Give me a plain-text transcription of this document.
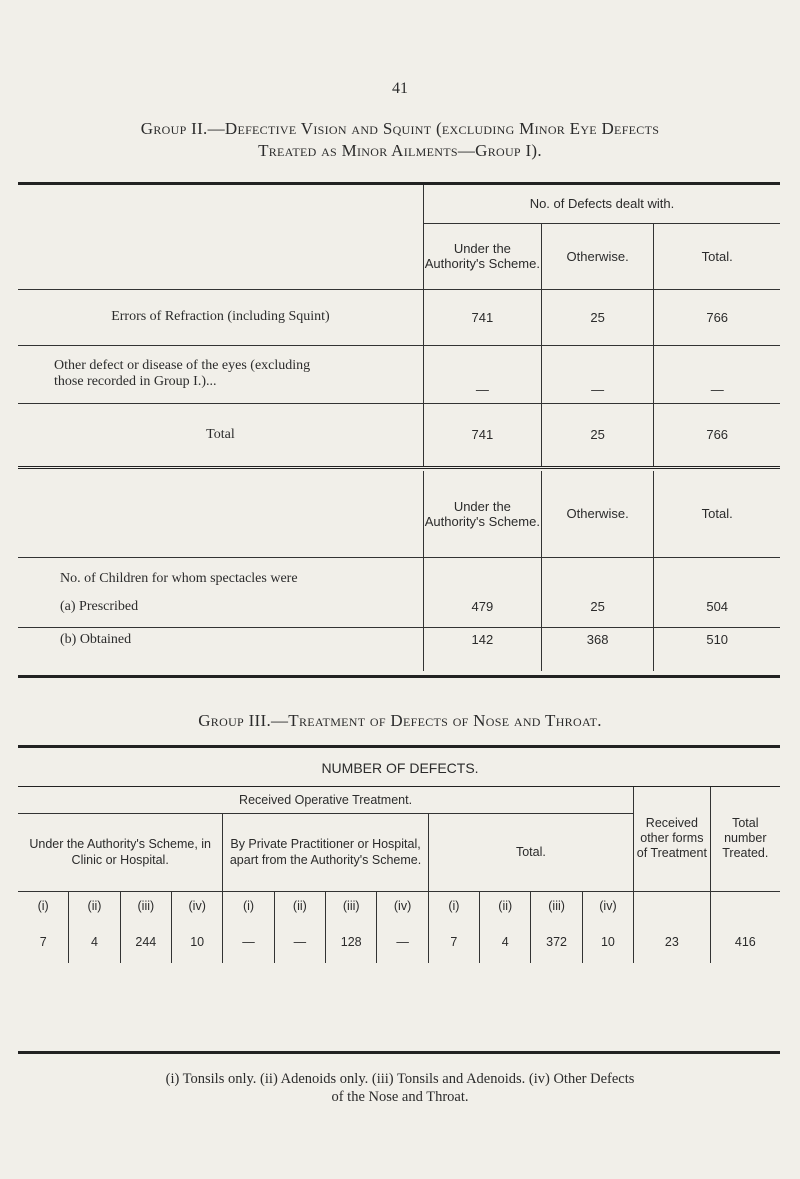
41
Group II.—Defective Vision and Squint (excluding Minor Eye Defects
Treated as Minor Ailments—Group I).
	No. of Defects dealt with.		
	Under the Authority's Scheme.	Otherwise.	Total.
Errors of Refraction (including Squint)	741	25	766

Other defect or disease of the eyes (excluding
those recorded in Group I.)...	—	—	—
Total	741	25	766

	Under the Authority's Scheme.	Otherwise.	Total.
No. of Children for whom spectacles were			
(a) Prescribed	479	25	504
(b) Obtained	142	368	510
Group III.—Treatment of Defects of Nose and Throat.
NUMBER OF DEFECTS.
Received Operative Treatment.												Received other forms of Treatment	Total number Treated.
Under the Authority's Scheme, in Clinic or Hospital.				By Private Practitioner or Hospital, apart from the Authority's Scheme.				Total.					
(i)	(ii)	(iii)	(iv)	(i)	(ii)	(iii)	(iv)	(i)	(ii)	(iii)	(iv)		
7	4	244	10	—	—	128	—	7	4	372	10	23	416
(i) Tonsils only. (ii) Adenoids only. (iii) Tonsils and Adenoids. (iv) Other Defects
of the Nose and Throat.
